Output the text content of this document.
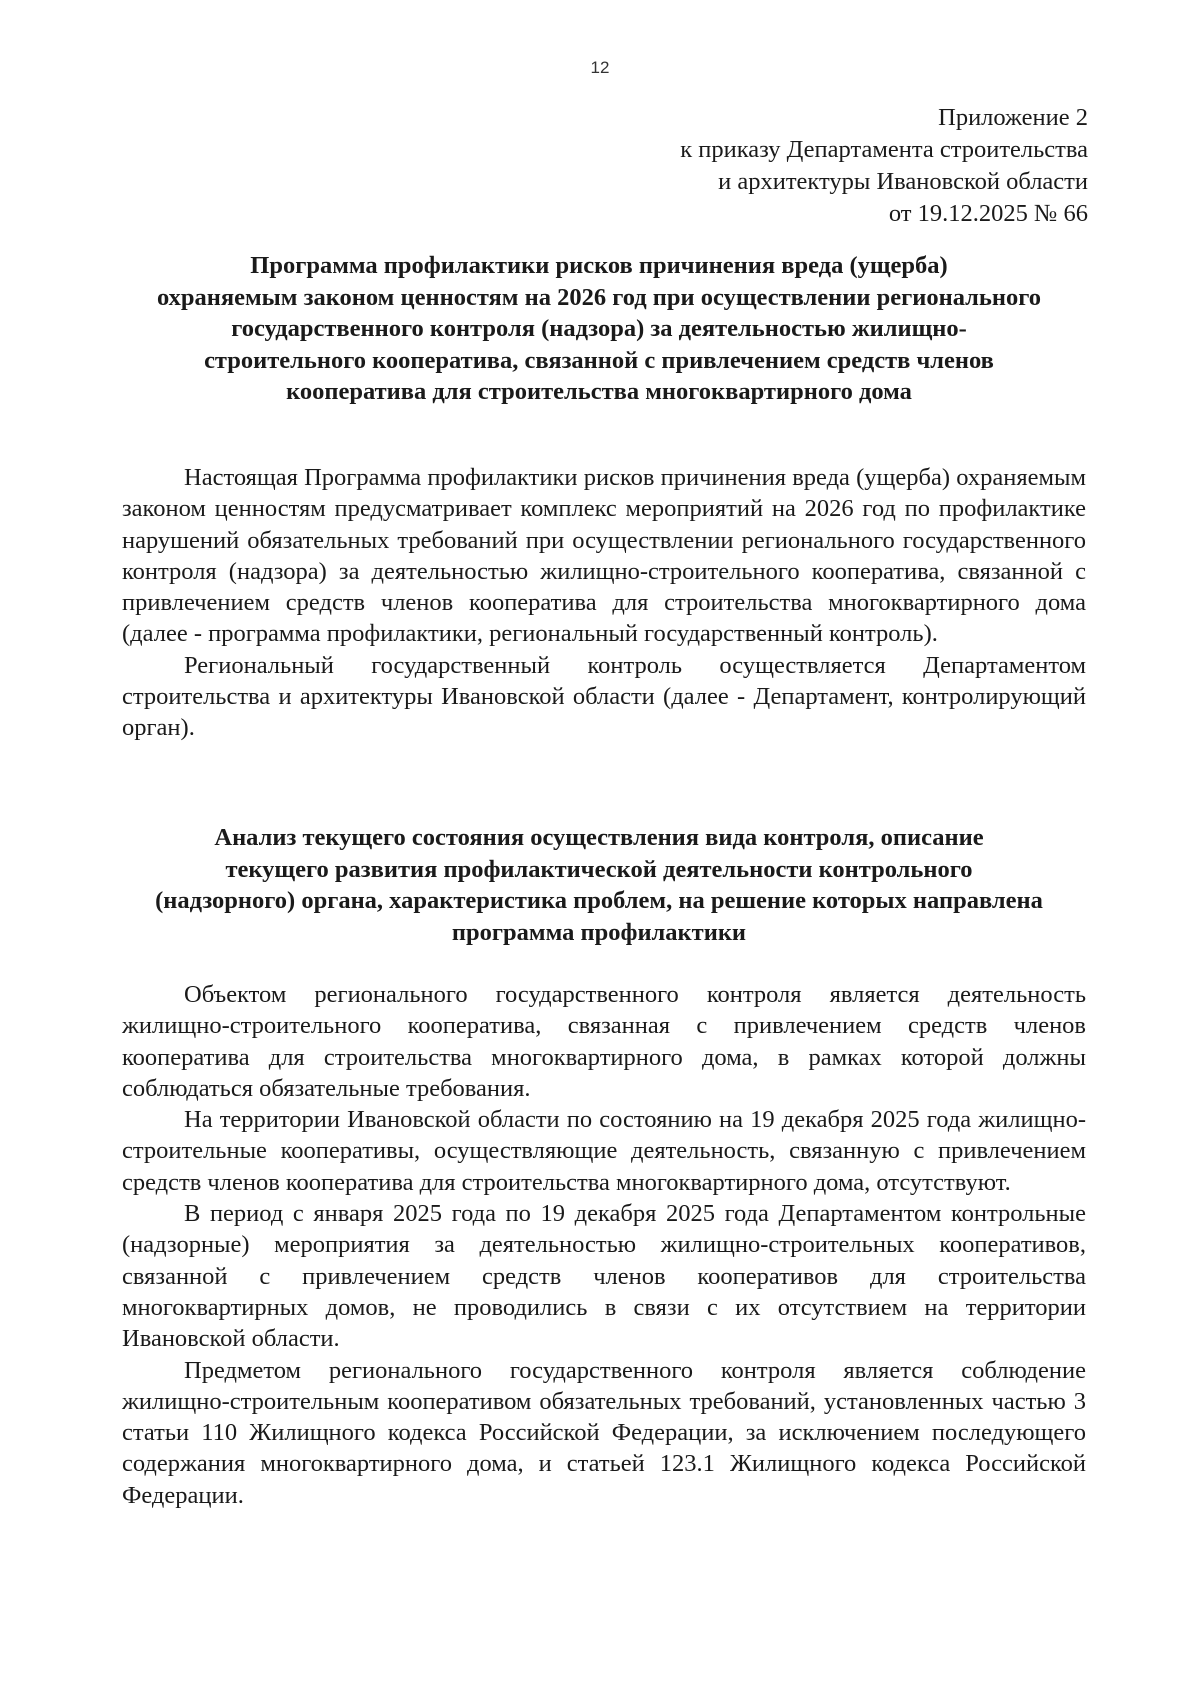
12
Приложение 2
к приказу Департамента строительства
и архитектуры Ивановской области
от 19.12.2025 № 66
Программа профилактики рисков причинения вреда (ущерба)
охраняемым законом ценностям на 2026 год при осуществлении регионального
государственного контроля (надзора) за деятельностью жилищно-
строительного кооператива, связанной с привлечением средств членов
кооператива для строительства многоквартирного дома

Настоящая Программа профилактики рисков причинения вреда (ущерба) охраняемым законом ценностям предусматривает комплекс мероприятий на 2026 год по профилактике нарушений обязательных требований при осуществлении регионального государственного контроля (надзора) за деятельностью жилищно-строительного кооператива, связанной с привлечением средств членов кооператива для строительства многоквартирного дома (далее - программа профилактики, региональный государственный контроль).

Региональный государственный контроль осуществляется Департаментом строительства и архитектуры Ивановской области (далее - Департамент, контролирующий орган).

Анализ текущего состояния осуществления вида контроля, описание
текущего развития профилактической деятельности контрольного
(надзорного) органа, характеристика проблем, на решение которых направлена
программа профилактики

Объектом регионального государственного контроля является деятельность жилищно-строительного кооператива, связанная с привлечением средств членов кооператива для строительства многоквартирного дома, в рамках которой должны соблюдаться обязательные требования.

На территории Ивановской области по состоянию на 19 декабря 2025 года жилищно-строительные кооперативы, осуществляющие деятельность, связанную с привлечением средств членов кооператива для строительства многоквартирного дома, отсутствуют.

В период с января 2025 года по 19 декабря 2025 года Департаментом контрольные (надзорные) мероприятия за деятельностью жилищно-строительных кооперативов, связанной с привлечением средств членов кооперативов для строительства многоквартирных домов, не проводились в связи с их отсутствием на территории Ивановской области.

Предметом регионального государственного контроля является соблюдение жилищно-строительным кооперативом обязательных требований, установленных частью 3 статьи 110 Жилищного кодекса Российской Федерации, за исключением последующего содержания многоквартирного дома, и статьей 123.1 Жилищного кодекса Российской Федерации.
